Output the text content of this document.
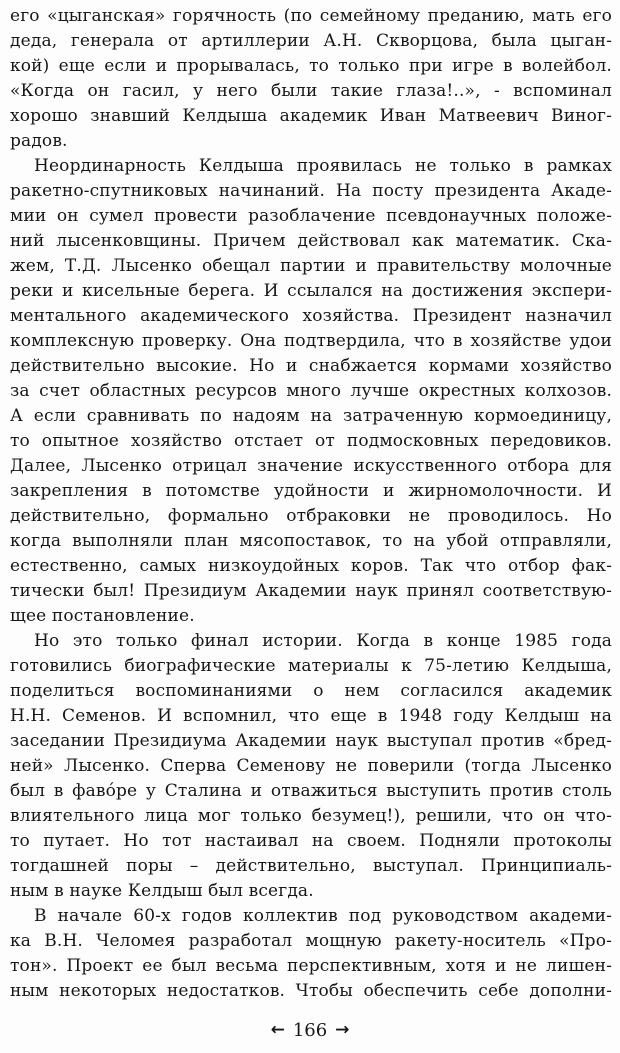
его «цыганская» горячность (по семейному преданию, мать его
деда, генерала от артиллерии А.Н. Скворцова, была цыган-
кой) еще если и прорывалась, то только при игре в волейбол.
«Когда он гасил, у него были такие глаза!..», - вспоминал
хорошо знавший Келдыша академик Иван Матвеевич Виног-
радов.
Неординарность Келдыша проявилась не только в рамках
ракетно-спутниковых начинаний. На посту президента Акаде-
мии он сумел провести разоблачение псевдонаучных положе-
ний лысенковщины. Причем действовал как математик. Ска-
жем, Т.Д. Лысенко обещал партии и правительству молочные
реки и кисельные берега. И ссылался на достижения экспери-
ментального академического хозяйства. Президент назначил
комплексную проверку. Она подтвердила, что в хозяйстве удои
действительно высокие. Но и снабжается кормами хозяйство
за счет областных ресурсов много лучше окрестных колхозов.
А если сравнивать по надоям на затраченную кормоединицу,
то опытное хозяйство отстает от подмосковных передовиков.
Далее, Лысенко отрицал значение искусственного отбора для
закрепления в потомстве удойности и жирномолочности. И
действительно, формально отбраковки не проводилось. Но
когда выполняли план мясопоставок, то на убой отправляли,
естественно, самых низкоудойных коров. Так что отбор фак-
тически был! Президиум Академии наук принял соответствую-
щее постановление.
Но это только финал истории. Когда в конце 1985 года
готовились биографические материалы к 75-летию Келдыша,
поделиться воспоминаниями о нем согласился академик
Н.Н. Семенов. И вспомнил, что еще в 1948 году Келдыш на
заседании Президиума Академии наук выступал против «бред-
ней» Лысенко. Сперва Семенову не поверили (тогда Лысенко
был в фавóре у Сталина и отважиться выступить против столь
влиятельного лица мог только безумец!), решили, что он что-
то путает. Но тот настаивал на своем. Подняли протоколы
тогдашней поры – действительно, выступал. Принципиаль-
ным в науке Келдыш был всегда.
В начале 60-х годов коллектив под руководством академи-
ка В.Н. Челомея разработал мощную ракету-носитель «Про-
тон». Проект ее был весьма перспективным, хотя и не лишен-
ным некоторых недостатков. Чтобы обеспечить себе дополни-
← 166 →
